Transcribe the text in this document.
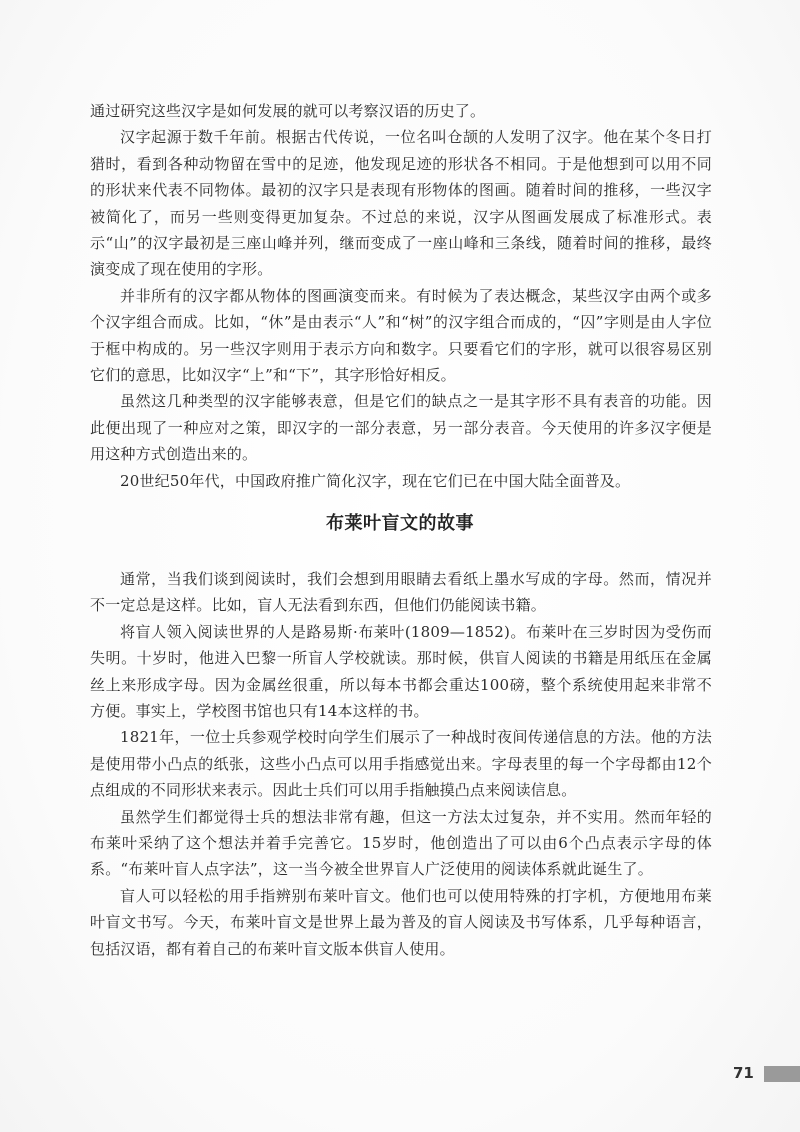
通过研究这些汉字是如何发展的就可以考察汉语的历史了。

汉字起源于数千年前。根据古代传说，一位名叫仓颉的人发明了汉字。他在某个冬日打猎时，看到各种动物留在雪中的足迹，他发现足迹的形状各不相同。于是他想到可以用不同的形状来代表不同物体。最初的汉字只是表现有形物体的图画。随着时间的推移，一些汉字被简化了，而另一些则变得更加复杂。不过总的来说，汉字从图画发展成了标准形式。表示“山”的汉字最初是三座山峰并列，继而变成了一座山峰和三条线，随着时间的推移，最终演变成了现在使用的字形。

并非所有的汉字都从物体的图画演变而来。有时候为了表达概念，某些汉字由两个或多个汉字组合而成。比如，“休”是由表示“人”和“树”的汉字组合而成的，“囚”字则是由人字位于框中构成的。另一些汉字则用于表示方向和数字。只要看它们的字形，就可以很容易区别它们的意思，比如汉字“上”和“下”，其字形恰好相反。

虽然这几种类型的汉字能够表意，但是它们的缺点之一是其字形不具有表音的功能。因此便出现了一种应对之策，即汉字的一部分表意，另一部分表音。今天使用的许多汉字便是用这种方式创造出来的。

20世纪50年代，中国政府推广简化汉字，现在它们已在中国大陆全面普及。

布莱叶盲文的故事

通常，当我们谈到阅读时，我们会想到用眼睛去看纸上墨水写成的字母。然而，情况并不一定总是这样。比如，盲人无法看到东西，但他们仍能阅读书籍。

将盲人领入阅读世界的人是路易斯·布莱叶(1809—1852)。布莱叶在三岁时因为受伤而失明。十岁时，他进入巴黎一所盲人学校就读。那时候，供盲人阅读的书籍是用纸压在金属丝上来形成字母。因为金属丝很重，所以每本书都会重达100磅，整个系统使用起来非常不方便。事实上，学校图书馆也只有14本这样的书。

1821年，一位士兵参观学校时向学生们展示了一种战时夜间传递信息的方法。他的方法是使用带小凸点的纸张，这些小凸点可以用手指感觉出来。字母表里的每一个字母都由12个点组成的不同形状来表示。因此士兵们可以用手指触摸凸点来阅读信息。

虽然学生们都觉得士兵的想法非常有趣，但这一方法太过复杂，并不实用。然而年轻的布莱叶采纳了这个想法并着手完善它。15岁时，他创造出了可以由6个凸点表示字母的体系。“布莱叶盲人点字法”，这一当今被全世界盲人广泛使用的阅读体系就此诞生了。

盲人可以轻松的用手指辨别布莱叶盲文。他们也可以使用特殊的打字机，方便地用布莱叶盲文书写。今天，布莱叶盲文是世界上最为普及的盲人阅读及书写体系，几乎每种语言，包括汉语，都有着自己的布莱叶盲文版本供盲人使用。

71
